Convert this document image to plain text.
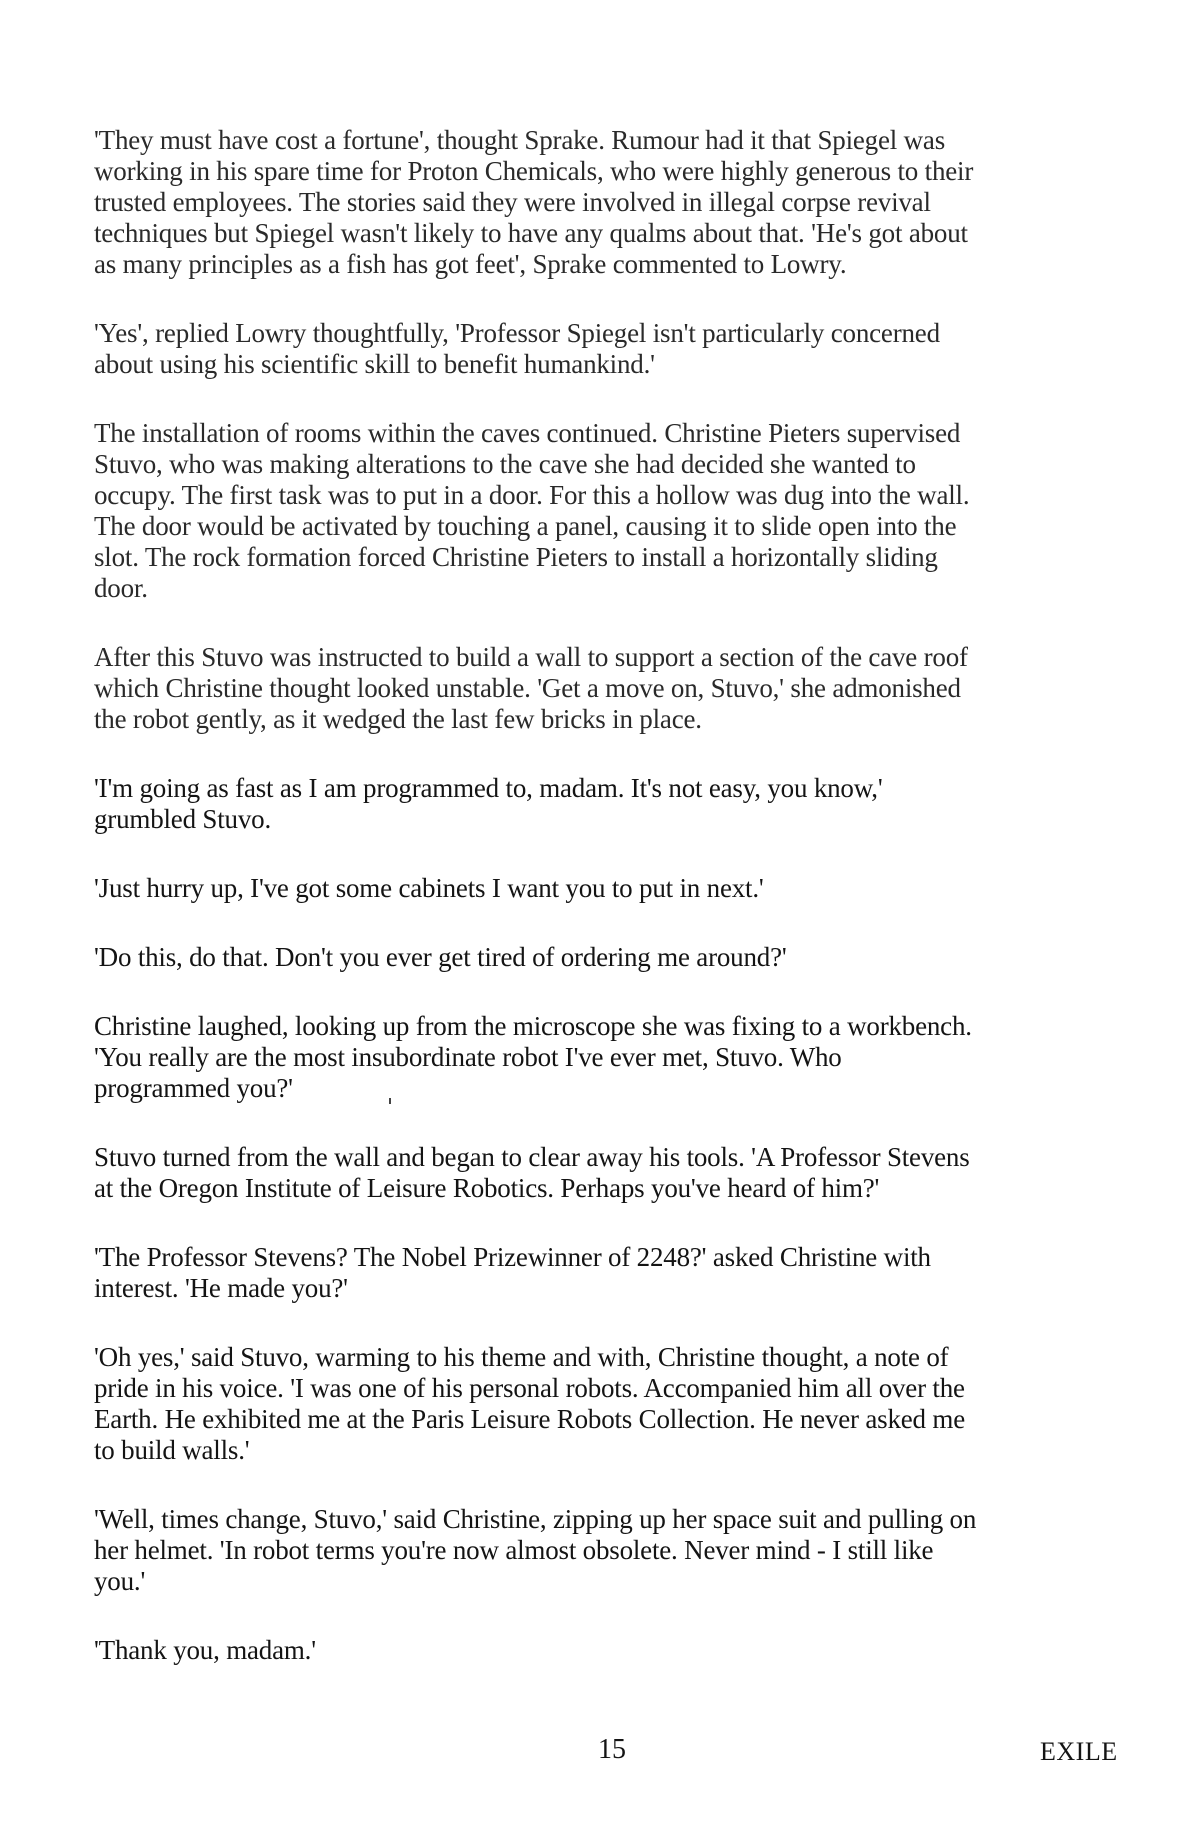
'They must have cost a fortune', thought Sprake. Rumour had it that Spiegel was
working in his spare time for Proton Chemicals, who were highly generous to their
trusted employees. The stories said they were involved in illegal corpse revival
techniques but Spiegel wasn't likely to have any qualms about that. 'He's got about
as many principles as a fish has got feet', Sprake commented to Lowry.

'Yes', replied Lowry thoughtfully, 'Professor Spiegel isn't particularly concerned
about using his scientific skill to benefit humankind.'

The installation of rooms within the caves continued. Christine Pieters supervised
Stuvo, who was making alterations to the cave she had decided she wanted to
occupy. The first task was to put in a door. For this a hollow was dug into the wall.
The door would be activated by touching a panel, causing it to slide open into the
slot. The rock formation forced Christine Pieters to install a horizontally sliding
door.

After this Stuvo was instructed to build a wall to support a section of the cave roof
which Christine thought looked unstable. 'Get a move on, Stuvo,' she admonished
the robot gently, as it wedged the last few bricks in place.

'I'm going as fast as I am programmed to, madam. It's not easy, you know,'
grumbled Stuvo.

'Just hurry up, I've got some cabinets I want you to put in next.'

'Do this, do that. Don't you ever get tired of ordering me around?'

Christine laughed, looking up from the microscope she was fixing to a workbench.
'You really are the most insubordinate robot I've ever met, Stuvo. Who
programmed you?'

Stuvo turned from the wall and began to clear away his tools. 'A Professor Stevens
at the Oregon Institute of Leisure Robotics. Perhaps you've heard of him?'

'The Professor Stevens? The Nobel Prizewinner of 2248?' asked Christine with
interest. 'He made you?'

'Oh yes,' said Stuvo, warming to his theme and with, Christine thought, a note of
pride in his voice. 'I was one of his personal robots. Accompanied him all over the
Earth. He exhibited me at the Paris Leisure Robots Collection. He never asked me
to build walls.'

'Well, times change, Stuvo,' said Christine, zipping up her space suit and pulling on
her helmet. 'In robot terms you're now almost obsolete. Never mind - I still like
you.'

'Thank you, madam.'

15	EXILE
